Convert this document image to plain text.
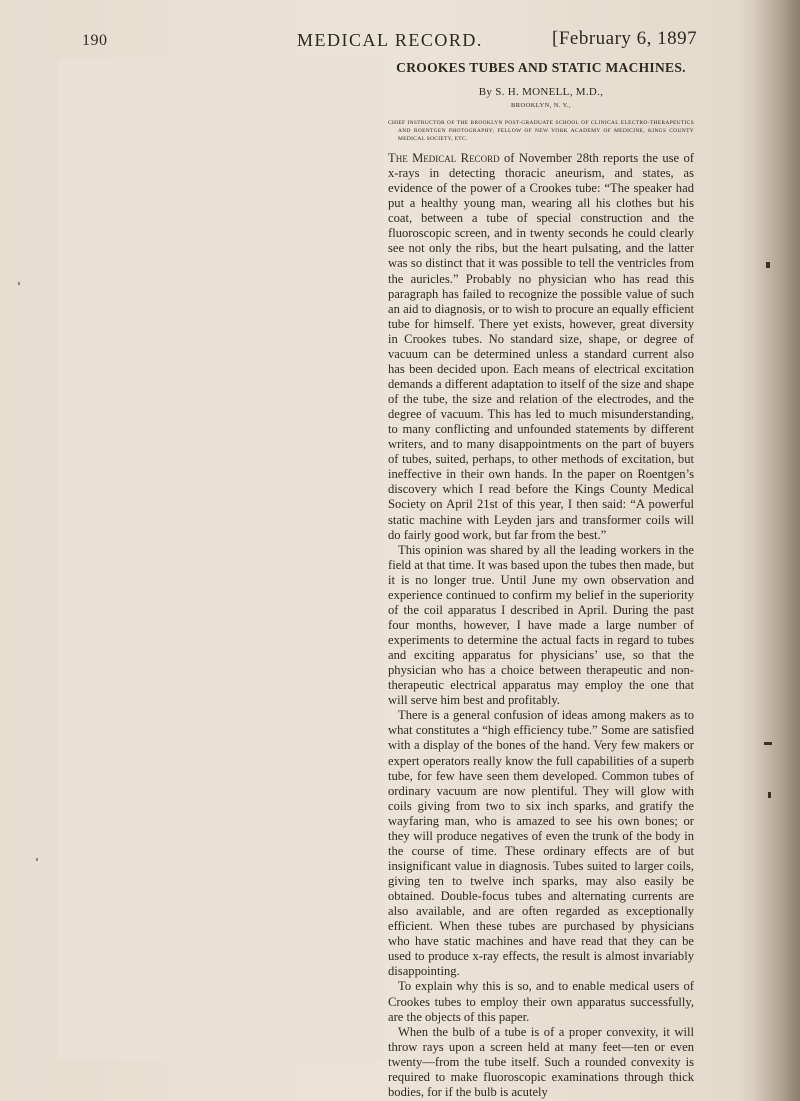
190	MEDICAL RECORD.	[February 6, 1897
CROOKES TUBES AND STATIC MACHINES.
By S. H. MONELL, M.D.,
BROOKLYN, N. Y.,
CHIEF INSTRUCTOR OF THE BROOKLYN POST-GRADUATE SCHOOL OF CLINICAL ELECTRO-THERAPEUTICS AND ROENTGEN PHOTOGRAPHY; FELLOW OF NEW YORK ACADEMY OF MEDICINE, KINGS COUNTY MEDICAL SOCIETY, ETC.

The Medical Record of November 28th reports the use of x-rays in detecting thoracic aneurism, and states, as evidence of the power of a Crookes tube: “The speaker had put a healthy young man, wearing all his clothes but his coat, between a tube of special construction and the fluoroscopic screen, and in twenty seconds he could clearly see not only the ribs, but the heart pulsating, and the latter was so distinct that it was possible to tell the ventricles from the auricles.” Probably no physician who has read this paragraph has failed to recognize the possible value of such an aid to diagnosis, or to wish to procure an equally efficient tube for himself. There yet exists, however, great diversity in Crookes tubes. No standard size, shape, or degree of vacuum can be determined unless a standard current also has been decided upon. Each means of electrical excitation demands a different adaptation to itself of the size and shape of the tube, the size and relation of the electrodes, and the degree of vacuum. This has led to much misunderstanding, to many conflicting and unfounded statements by different writers, and to many disappointments on the part of buyers of tubes, suited, perhaps, to other methods of excitation, but ineffective in their own hands. In the paper on Roentgen’s discovery which I read before the Kings County Medical Society on April 21st of this year, I then said: “A powerful static machine with Leyden jars and transformer coils will do fairly good work, but far from the best.”

This opinion was shared by all the leading workers in the field at that time. It was based upon the tubes then made, but it is no longer true. Until June my own observation and experience continued to confirm my belief in the superiority of the coil apparatus I described in April. During the past four months, however, I have made a large number of experiments to determine the actual facts in regard to tubes and exciting apparatus for physicians’ use, so that the physician who has a choice between therapeutic and non-therapeutic electrical apparatus may employ the one that will serve him best and profitably.

There is a general confusion of ideas among makers as to what constitutes a “high efficiency tube.” Some are satisfied with a display of the bones of the hand. Very few makers or expert operators really know the full capabilities of a superb tube, for few have seen them developed. Common tubes of ordinary vacuum are now plentiful. They will glow with coils giving from two to six inch sparks, and gratify the wayfaring man, who is amazed to see his own bones; or they will produce negatives of even the trunk of the body in the course of time. These ordinary effects are of but insignificant value in diagnosis. Tubes suited to larger coils, giving ten to twelve inch sparks, may also easily be obtained. Double-focus tubes and alternating currents are also available, and are often regarded as exceptionally efficient. When these tubes are purchased by physicians who have static machines and have read that they can be used to produce x-ray effects, the result is almost invariably disappointing.

To explain why this is so, and to enable medical users of Crookes tubes to employ their own apparatus successfully, are the objects of this paper.

When the bulb of a tube is of a proper convexity, it will throw rays upon a screen held at many feet—ten or even twenty—from the tube itself. Such a rounded convexity is required to make fluoroscopic examinations through thick bodies, for if the bulb is acutely
